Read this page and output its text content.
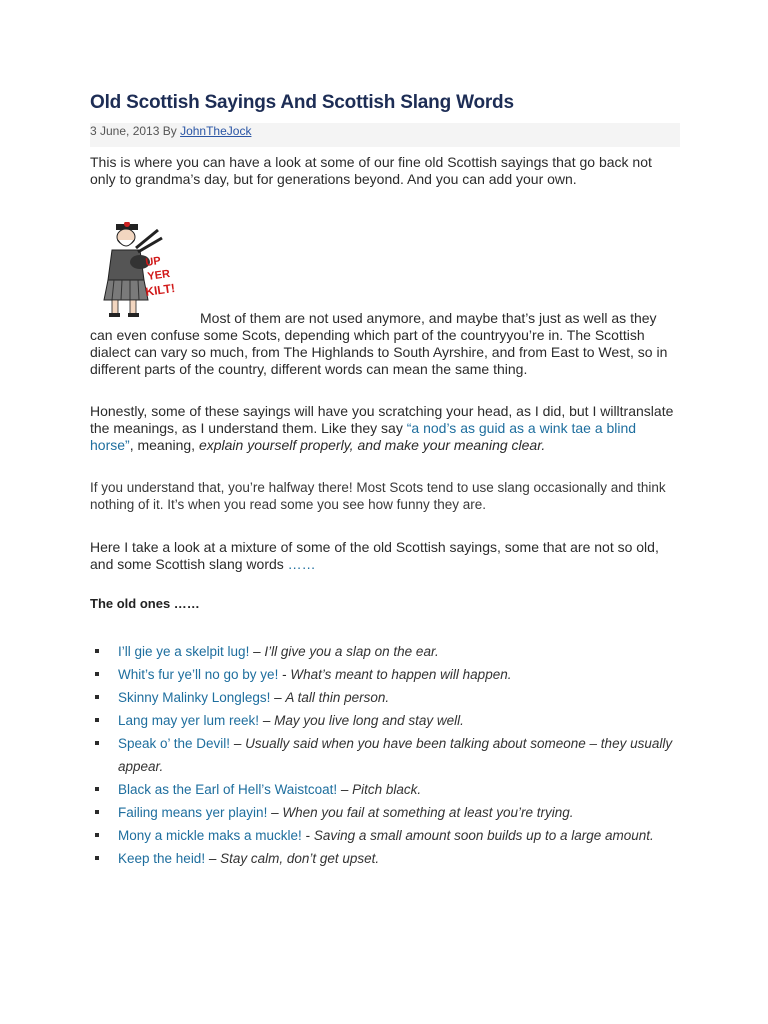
Old Scottish Sayings And Scottish Slang Words
3 June, 2013 By JohnTheJock

This is where you can have a look at some of our fine old Scottish sayings that go back not only to grandma’s day, but for generations beyond. And you can add your own.

UP
YER
KILT!

Most of them are not used anymore, and maybe that’s just as well as they can even confuse some Scots, depending which part of the countryyou’re in. The Scottish dialect can vary so much, from The Highlands to South Ayrshire, and from East to West, so in different parts of the country, different words can mean the same thing.

Honestly, some of these sayings will have you scratching your head, as I did, but I willtranslate the meanings, as I understand them. Like they say “a nod’s as guid as a wink tae a blind horse”, meaning, explain yourself properly, and make your meaning clear.

If you understand that, you’re halfway there! Most Scots tend to use slang occasionally and think nothing of it. It’s when you read some you see how funny they are.

Here I take a look at a mixture of some of the old Scottish sayings, some that are not so old, and some Scottish slang words ……

The old ones ……
I’ll gie ye a skelpit lug! – I’ll give you a slap on the ear.
Whit’s fur ye’ll no go by ye! - What’s meant to happen will happen.
Skinny Malinky Longlegs! – A tall thin person.
Lang may yer lum reek! – May you live long and stay well.
Speak o’ the Devil! – Usually said when you have been talking about someone – they usually appear.
Black as the Earl of Hell’s Waistcoat! – Pitch black.
Failing means yer playin! – When you fail at something at least you’re trying.
Mony a mickle maks a muckle! - Saving a small amount soon builds up to a large amount.
Keep the heid! – Stay calm, don’t get upset.
